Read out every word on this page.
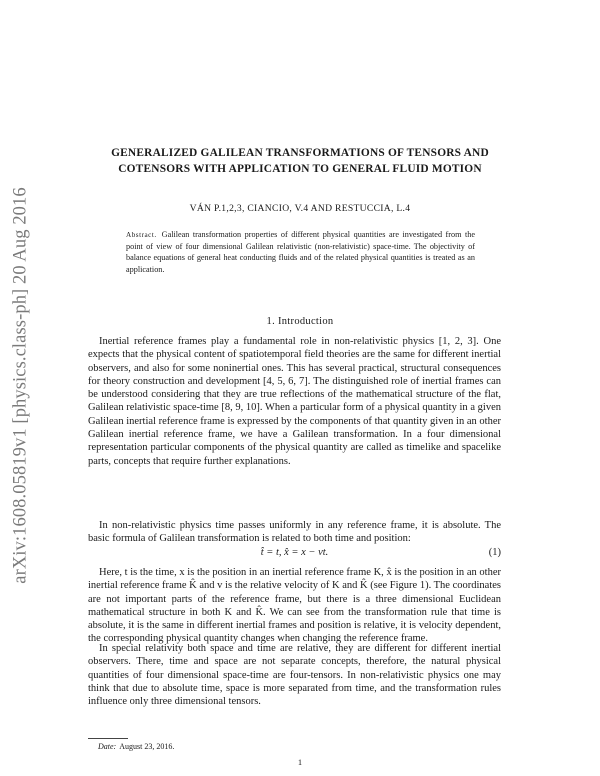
arXiv:1608.05819v1 [physics.class-ph] 20 Aug 2016
GENERALIZED GALILEAN TRANSFORMATIONS OF TENSORS AND COTENSORS WITH APPLICATION TO GENERAL FLUID MOTION
VÁN P.1,2,3, CIANCIO, V.4 AND RESTUCCIA, L.4
Abstract. Galilean transformation properties of different physical quantities are investigated from the point of view of four dimensional Galilean relativistic (non-relativistic) space-time. The objectivity of balance equations of general heat conducting fluids and of the related physical quantities is treated as an application.
1. Introduction
Inertial reference frames play a fundamental role in non-relativistic physics [1, 2, 3]. One expects that the physical content of spatiotemporal field theories are the same for different inertial observers, and also for some noninertial ones. This has several practical, structural consequences for theory construction and development [4, 5, 6, 7]. The distinguished role of inertial frames can be understood considering that they are true reflections of the mathematical structure of the flat, Galilean relativistic space-time [8, 9, 10]. When a particular form of a physical quantity in a given Galilean inertial reference frame is expressed by the components of that quantity given in an other Galilean inertial reference frame, we have a Galilean transformation. In a four dimensional representation particular components of the physical quantity are called as timelike and spacelike parts, concepts that require further explanations.
In non-relativistic physics time passes uniformly in any reference frame, it is absolute. The basic formula of Galilean transformation is related to both time and position:
t̂ = t, x̂ = x − vt.	(1)
Here, t is the time, x is the position in an inertial reference frame K, x̂ is the position in an other inertial reference frame K̂ and v is the relative velocity of K and K̂ (see Figure 1). The coordinates are not important parts of the reference frame, but there is a three dimensional Euclidean mathematical structure in both K and K̂. We can see from the transformation rule that time is absolute, it is the same in different inertial frames and position is relative, it is velocity dependent, the corresponding physical quantity changes when changing the reference frame.
In special relativity both space and time are relative, they are different for different inertial observers. There, time and space are not separate concepts, therefore, the natural physical quantities of four dimensional space-time are four-tensors. In non-relativistic physics one may think that due to absolute time, space is more separated from time, and the transformation rules influence only three dimensional tensors.
Date: August 23, 2016.
1
